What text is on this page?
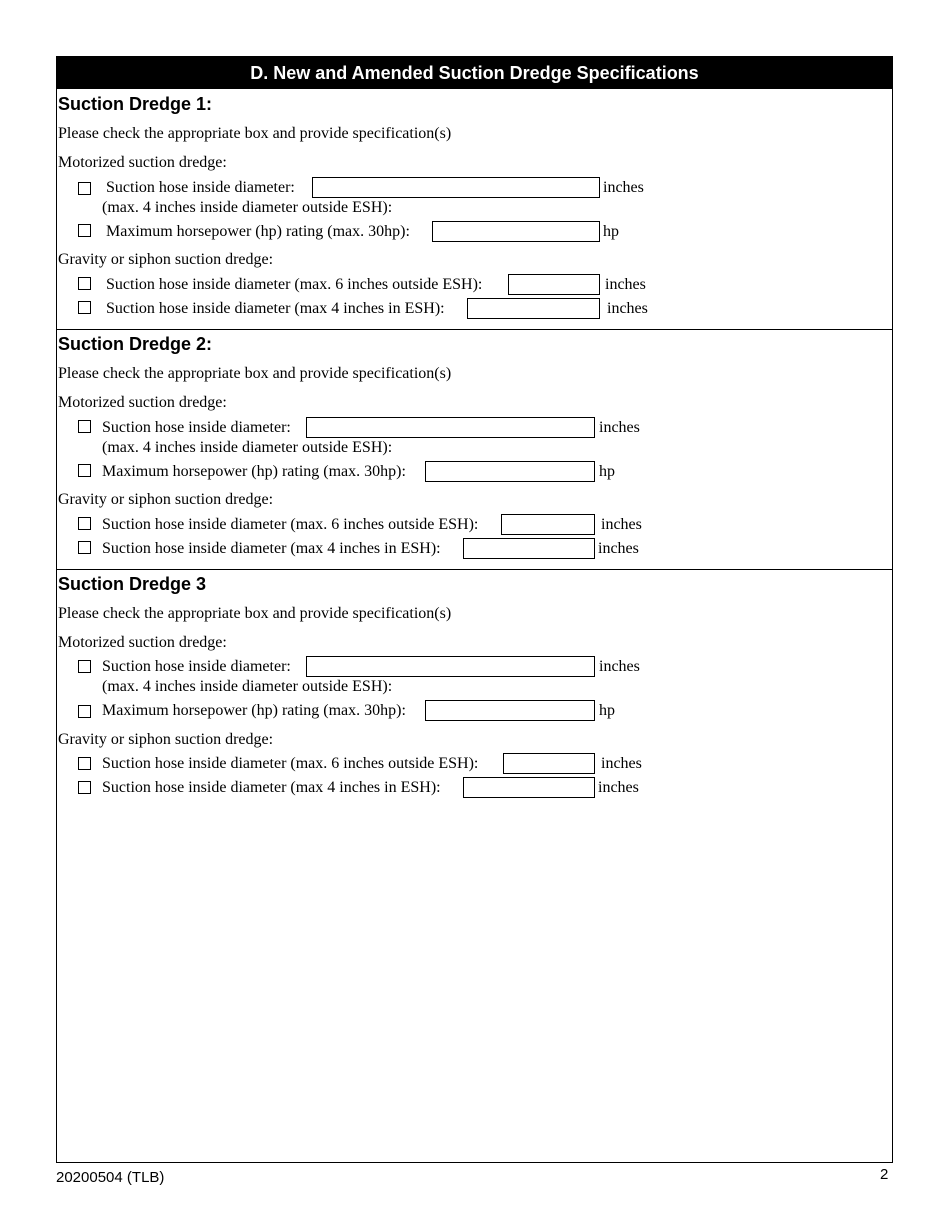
D. New and Amended Suction Dredge Specifications
Suction Dredge 1:
Please check the appropriate box and provide specification(s)
Motorized suction dredge:
Suction hose inside diameter:	inches
(max. 4 inches inside diameter outside ESH):
Maximum horsepower (hp) rating (max. 30hp):	hp
Gravity or siphon suction dredge:
Suction hose inside diameter (max. 6 inches outside ESH):	inches
Suction hose inside diameter (max 4 inches in ESH):	inches
Suction Dredge 2:
Please check the appropriate box and provide specification(s)
Motorized suction dredge:
Suction hose inside diameter:	inches
(max. 4 inches inside diameter outside ESH):
Maximum horsepower (hp) rating (max. 30hp):	hp
Gravity or siphon suction dredge:
Suction hose inside diameter (max. 6 inches outside ESH):	inches
Suction hose inside diameter (max 4 inches in ESH):	inches
Suction Dredge 3
Please check the appropriate box and provide specification(s)
Motorized suction dredge:
Suction hose inside diameter:	inches
(max. 4 inches inside diameter outside ESH):
Maximum horsepower (hp) rating (max. 30hp):	hp
Gravity or siphon suction dredge:
Suction hose inside diameter (max. 6 inches outside ESH):	inches
Suction hose inside diameter (max 4 inches in ESH):	inches
20200504 (TLB)	2
